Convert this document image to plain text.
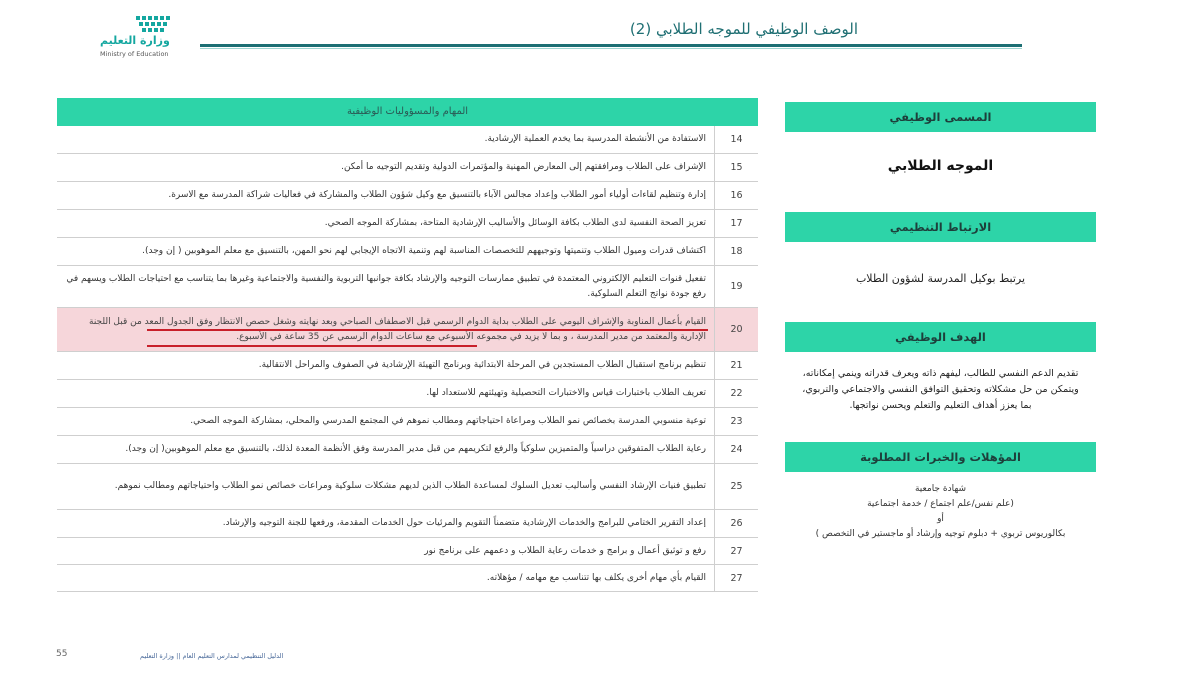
وزارة التعليم
Ministry of Education
الوصف الوظيفي للموجه الطلابي (2)
المهام والمسؤوليات الوظيفية
14
الاستفادة من الأنشطة المدرسية بما يخدم العملية الإرشادية.
15
الإشراف على الطلاب ومرافقتهم إلى المعارض المهنية والمؤتمرات الدولية وتقديم التوجيه ما أمكن.
16
إدارة وتنظيم لقاءات أولياء أمور الطلاب وإعداد مجالس الآباء بالتنسيق مع وكيل شؤون الطلاب والمشاركة في فعاليات شراكة المدرسة مع الاسرة.
17
تعزيز الصحة النفسية لدى الطلاب بكافة الوسائل والأساليب الإرشادية المتاحة، بمشاركة الموجه الصحي.
18
اكتشاف قدرات وميول الطلاب وتنميتها وتوجيههم للتخصصات المناسبة لهم وتنمية الاتجاه الإيجابي لهم نحو المهن، بالتنسيق مع معلم الموهوبين ( إن وجد).
19
تفعيل قنوات التعليم الإلكتروني المعتمدة في تطبيق ممارسات التوجيه والإرشاد بكافة جوانبها التربوية والنفسية والاجتماعية وغيرها بما يتناسب مع احتياجات الطلاب ويسهم في رفع جودة نواتج التعلم السلوكية.
20
القيام بأعمال المناوبة والإشراف اليومي على الطلاب بداية الدوام الرسمي قبل الاصطفاف الصباحي وبعد نهايته وشغل حصص الانتظار وفق الجدول المعد من قبل اللجنة الإدارية والمعتمد من مدير المدرسة ، و بما لا يزيد في مجموعه الأسبوعي مع ساعات الدوام الرسمي عن 35 ساعة في الأسبوع.
21
تنظيم برنامج استقبال الطلاب المستجدين في المرحلة الابتدائية وبرنامج التهيئة الإرشادية في الصفوف والمراحل الانتقالية.
22
تعريف الطلاب باختبارات قياس والاختبارات التحصيلية وتهيئتهم للاستعداد لها.
23
توعية منسوبي المدرسة بخصائص نمو الطلاب ومراعاة احتياجاتهم ومطالب نموهم في المجتمع المدرسي والمحلي، بمشاركة الموجه الصحي.
24
رعاية الطلاب المتفوقين دراسياً والمتميزين سلوكياً والرفع لتكريمهم من قبل مدير المدرسة وفق الأنظمة المعدة لذلك، بالتنسيق مع معلم الموهوبين( إن وجد).
25
تطبيق فنيات الإرشاد النفسي وأساليب تعديل السلوك لمساعدة الطلاب الذين لديهم مشكلات سلوكية ومراعات خصائص نمو الطلاب واحتياجاتهم ومطالب نموهم.
26
إعداد التقرير الختامي للبرامج والخدمات الإرشادية متضمناً التقويم والمرئيات حول الخدمات المقدمة، ورفعها للجنة التوجيه والإرشاد.
27
رفع و توثيق أعمال و برامج و خدمات رعاية الطلاب و دعمهم على برنامج نور
27
القيام بأي مهام أخرى يكلف بها تتناسب مع مهامه / مؤهلاته.
المسمى الوظيفي
الموجه الطلابي
الارتباط التنظيمي
يرتبط بوكيل المدرسة لشؤون الطلاب
الهدف الوظيفي
تقديم الدعم النفسي للطالب، ليفهم ذاته ويعرف قدراته وينمي إمكاناته، ويتمكن من حل مشكلاته وتحقيق التوافق النفسي والاجتماعي والتربوي، بما يعزز أهداف التعليم والتعلم ويحسن نواتجها.
المؤهلات والخبرات المطلوبة
شهادة جامعية
(علم نفس/علم اجتماع / خدمة اجتماعية
أو
بكالوريوس تربوي + دبلوم توجيه وإرشاد أو ماجستير في التخصص )
55	الدليل التنظيمي لمدارس التعليم العام || وزارة التعليم
